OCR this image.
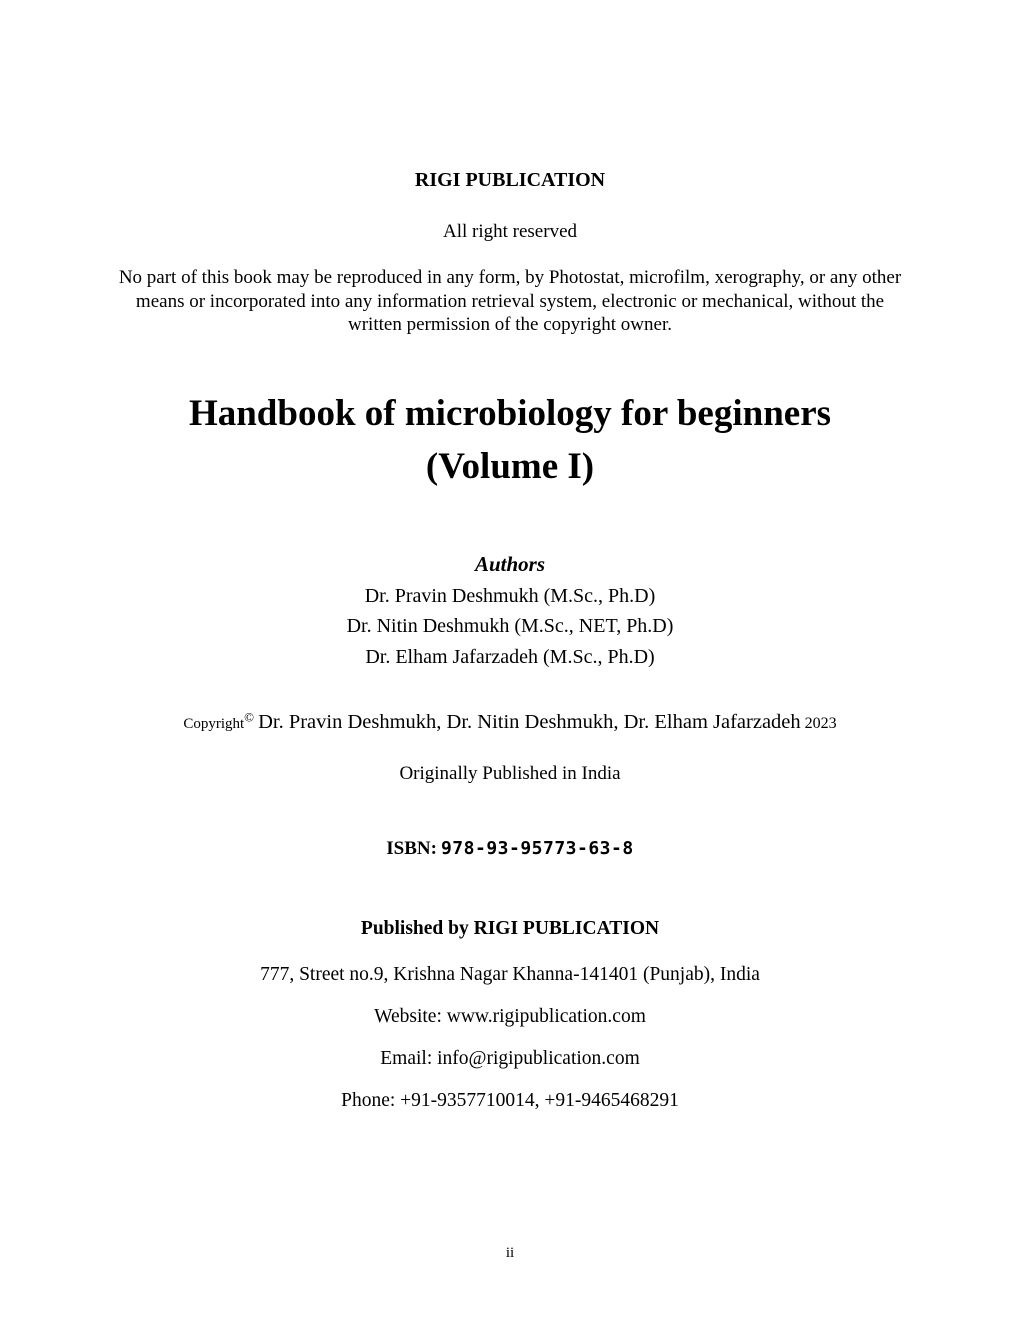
RIGI PUBLICATION
All right reserved
No part of this book may be reproduced in any form, by Photostat, microfilm, xerography, or any other means or incorporated into any information retrieval system, electronic or mechanical, without the written permission of the copyright owner.
Handbook of microbiology for beginners
(Volume I)
Authors
Dr. Pravin Deshmukh (M.Sc., Ph.D)
Dr. Nitin Deshmukh (M.Sc., NET, Ph.D)
Dr. Elham Jafarzadeh (M.Sc., Ph.D)
Copyright© Dr. Pravin Deshmukh, Dr. Nitin Deshmukh, Dr. Elham Jafarzadeh 2023
Originally Published in India
ISBN: 978-93-95773-63-8
Published by RIGI PUBLICATION
777, Street no.9, Krishna Nagar Khanna-141401 (Punjab), India
Website: www.rigipublication.com
Email: info@rigipublication.com
Phone: +91-9357710014, +91-9465468291
ii
